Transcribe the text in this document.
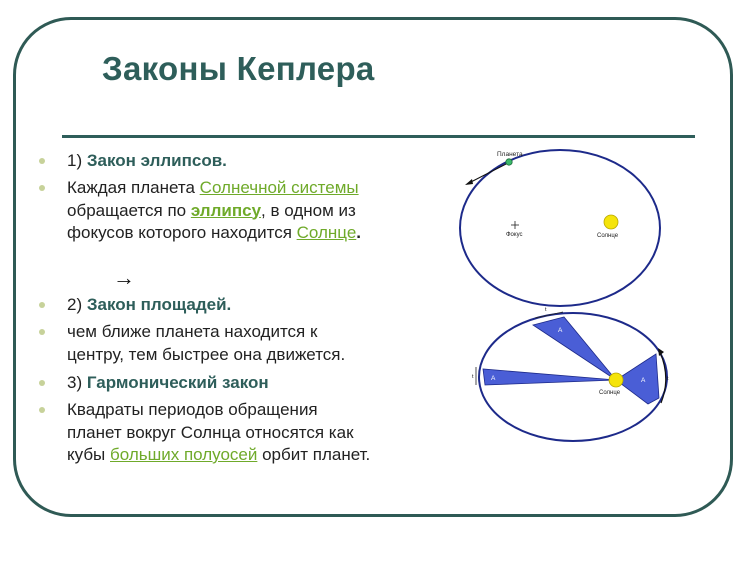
Законы Кеплера
1) Закон эллипсов.
Каждая планета Солнечной системы
обращается по эллипсу, в одном из
фокусов которого находится Солнце.
2) Закон площадей.
чем ближе планета находится к
центру, тем быстрее она движется.
3) Гармонический закон
Квадраты периодов обращения
планет вокруг Солнца относятся как
кубы больших полуосей орбит планет.
→
Планета
Фокус	Солнце
A
A
A
Солнце
t
t
t
